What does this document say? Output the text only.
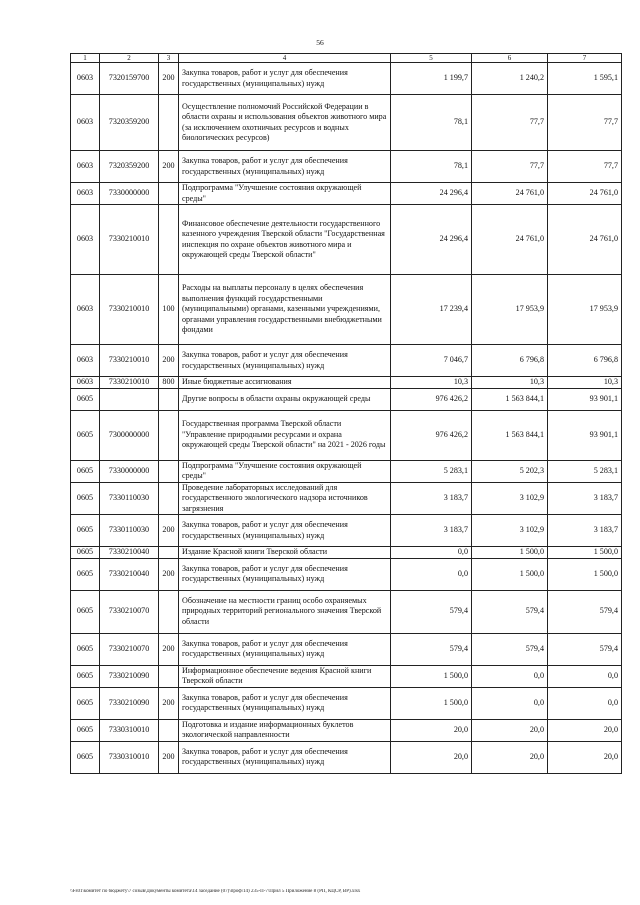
56
1	2	3	4	5	6	7
0603	7320159700	200	Закупка товаров, работ и услуг для обеспечения государственных (муниципальных) нужд	1 199,7	1 240,2	1 595,1
0603	7320359200		Осуществление полномочий Российской Федерации в области охраны и использования объектов животного мира (за исключением охотничьих ресурсов и водных биологических ресурсов)	78,1	77,7	77,7
0603	7320359200	200	Закупка товаров, работ и услуг для обеспечения государственных (муниципальных) нужд	78,1	77,7	77,7
0603	7330000000		Подпрограмма "Улучшение состояния окружающей среды"	24 296,4	24 761,0	24 761,0
0603	7330210010		Финансовое обеспечение деятельности государственного казенного учреждения Тверской области "Государственная инспекция по охране объектов животного мира и окружающей среды Тверской области"	24 296,4	24 761,0	24 761,0
0603	7330210010	100	Расходы на выплаты персоналу в целях обеспечения выполнения функций государственными (муниципальными) органами, казенными учреждениями, органами управления государственными внебюджетными фондами	17 239,4	17 953,9	17 953,9
0603	7330210010	200	Закупка товаров, работ и услуг для обеспечения государственных (муниципальных) нужд	7 046,7	6 796,8	6 796,8
0603	7330210010	800	Иные бюджетные ассигнования	10,3	10,3	10,3
0605			Другие вопросы в области охраны окружающей среды	976 426,2	1 563 844,1	93 901,1
0605	7300000000		Государственная программа Тверской области "Управление природными ресурсами и охрана окружающей среды Тверской области" на 2021 - 2026 годы	976 426,2	1 563 844,1	93 901,1
0605	7330000000		Подпрограмма "Улучшение состояния окружающей среды"	5 283,1	5 202,3	5 283,1
0605	7330110030		Проведение лабораторных исследований для государственного экологического надзора источников загрязнения	3 183,7	3 102,9	3 183,7
0605	7330110030	200	Закупка товаров, работ и услуг для обеспечения государственных (муниципальных) нужд	3 183,7	3 102,9	3 183,7
0605	7330210040		Издание Красной книги Тверской области	0,0	1 500,0	1 500,0
0605	7330210040	200	Закупка товаров, работ и услуг для обеспечения государственных (муниципальных) нужд	0,0	1 500,0	1 500,0
0605	7330210070		Обозначение на местности границ особо охраняемых природных территорий регионального значения Тверской области	579,4	579,4	579,4
0605	7330210070	200	Закупка товаров, работ и услуг для обеспечения государственных (муниципальных) нужд	579,4	579,4	579,4
0605	7330210090		Информационное обеспечение ведения Красной книги Тверской области	1 500,0	0,0	0,0
0605	7330210090	200	Закупка товаров, работ и услуг для обеспечения государственных (муниципальных) нужд	1 500,0	0,0	0,0
0605	7330310010		Подготовка и издание информационных буклетов экологической направленности	20,0	20,0	20,0
0605	7330310010	200	Закупка товаров, работ и услуг для обеспечения государственных (муниципальных) нужд	20,0	20,0	20,0
\\Fs01\комитет по бюджету\7 созыв\Документы комитета\14 заседание (07)\проф\14) 235-П-7\Прил 5 Приложение 8 (РП, КЦСР, ВР).xlsx
